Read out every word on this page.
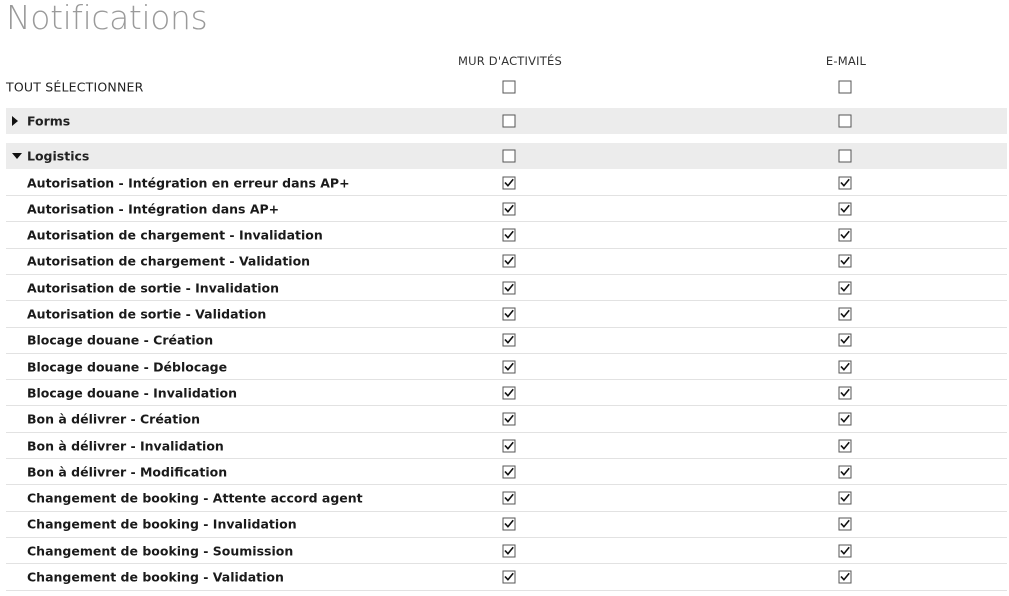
Notifications
MUR D'ACTIVITÉS	E-MAIL
TOUT SÉLECTIONNER
Forms
Logistics
Autorisation - Intégration en erreur dans AP+
Autorisation - Intégration dans AP+
Autorisation de chargement - Invalidation
Autorisation de chargement - Validation
Autorisation de sortie - Invalidation
Autorisation de sortie - Validation
Blocage douane - Création
Blocage douane - Déblocage
Blocage douane - Invalidation
Bon à délivrer - Création
Bon à délivrer - Invalidation
Bon à délivrer - Modification
Changement de booking - Attente accord agent
Changement de booking - Invalidation
Changement de booking - Soumission
Changement de booking - Validation
